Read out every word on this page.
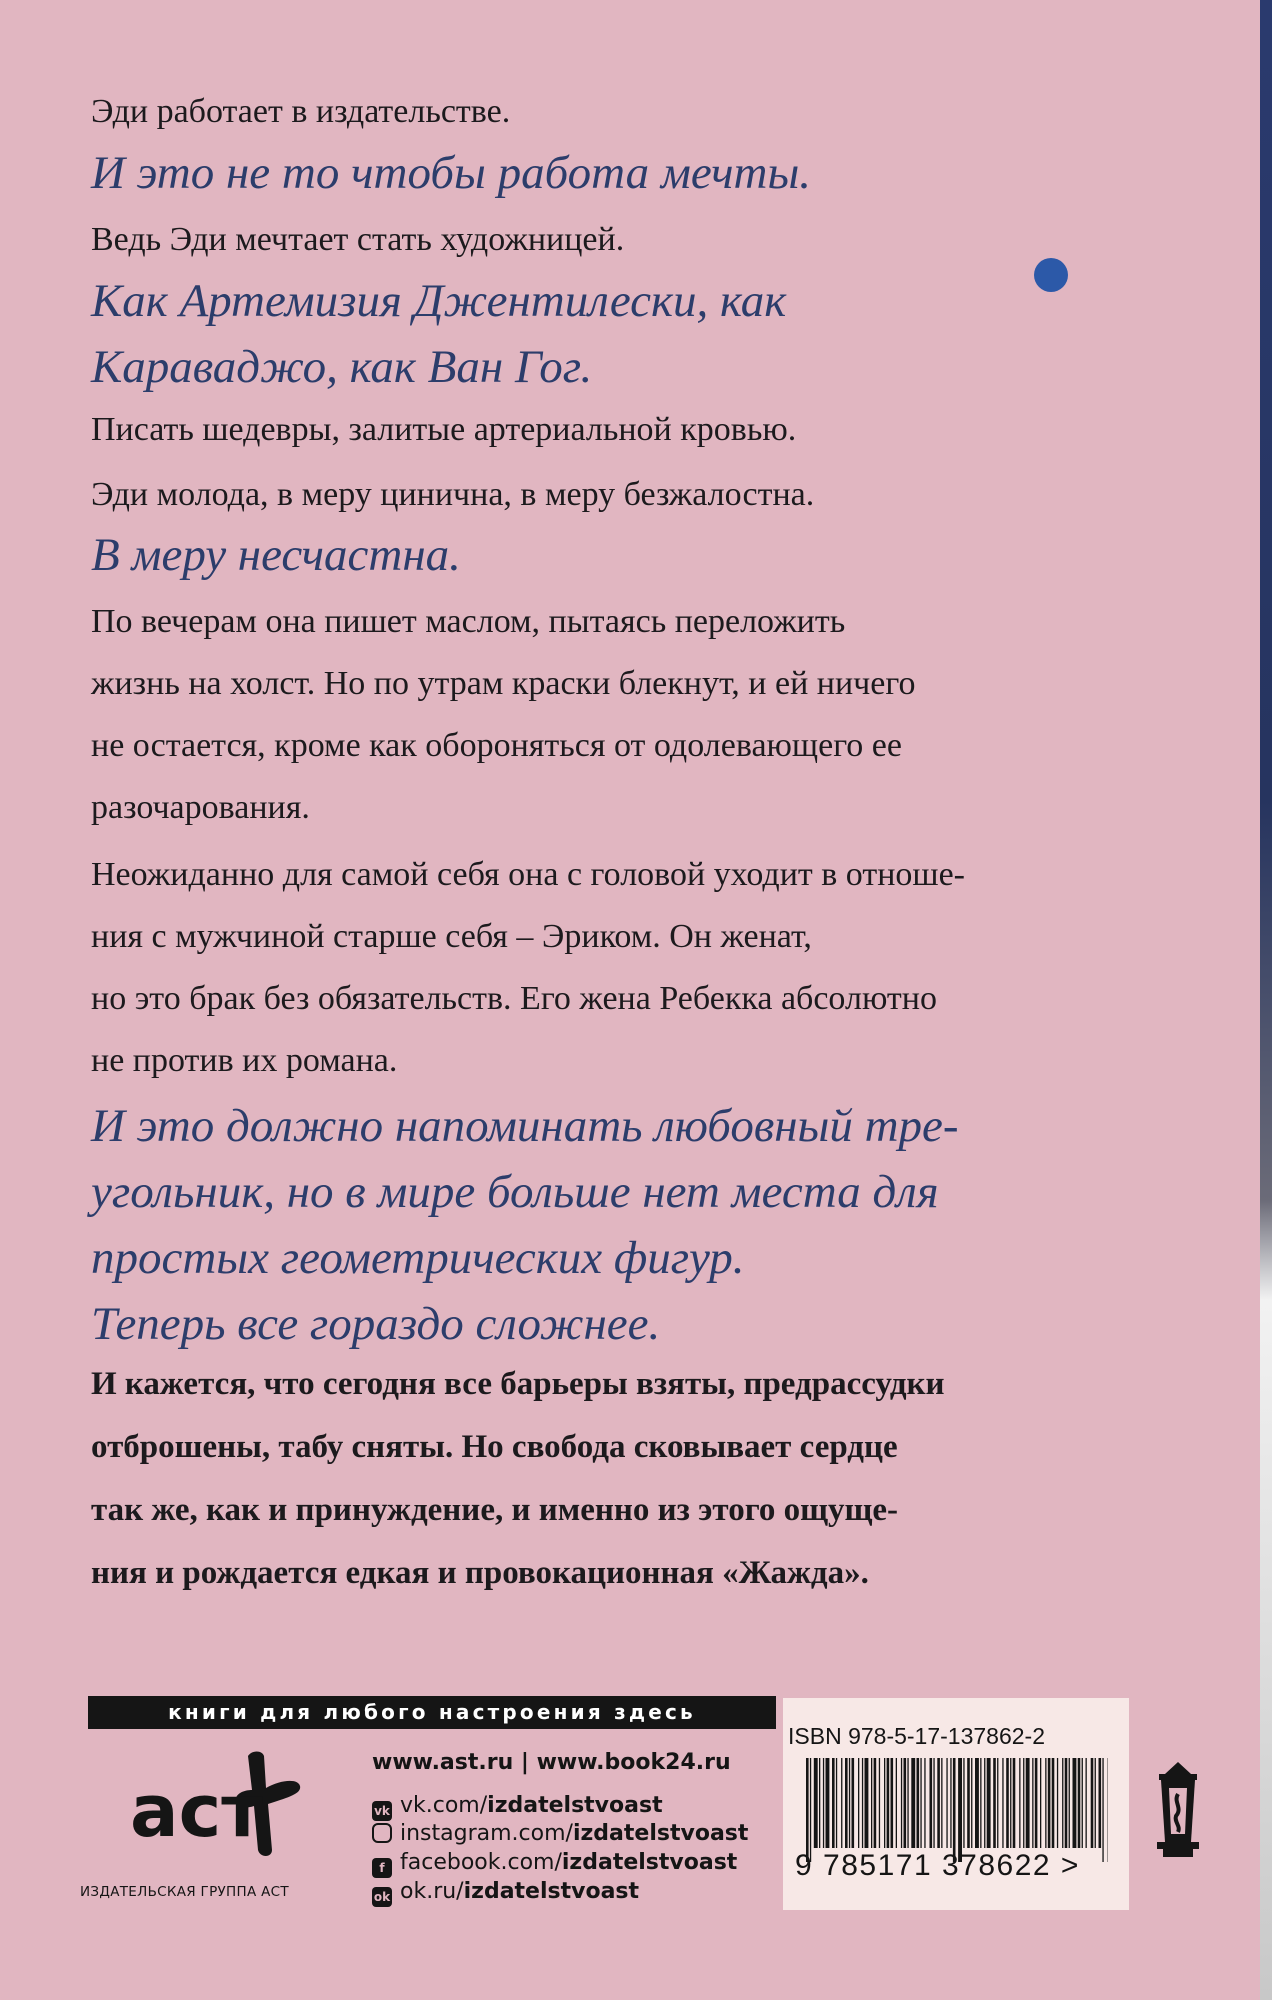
Эди работает в издательстве.

И это не то чтобы работа мечты.

Ведь Эди мечтает стать художницей.

Как Артемизия Джентилески, как
Караваджо, как Ван Гог.

Писать шедевры, залитые артериальной кровью.

Эди молода, в меру цинична, в меру безжалостна.

В меру несчастна.

По вечерам она пишет маслом, пытаясь переложить
жизнь на холст. Но по утрам краски блекнут, и ей ничего
не остается, кроме как обороняться от одолевающего ее
разочарования.
Неожиданно для самой себя она с головой уходит в отноше-
ния с мужчиной старше себя – Эриком. Он женат,
но это брак без обязательств. Его жена Ребекка абсолютно
не против их романа.
И это должно напоминать любовный тре-
угольник, но в мире больше нет места для
простых геометрических фигур.
Теперь все гораздо сложнее.
И кажется, что сегодня все барьеры взяты, предрассудки
отброшены, табу сняты. Но свобода сковывает сердце
так же, как и принуждение, и именно из этого ощуще-
ния и рождается едкая и провокационная «Жажда».
книги для любого настроения здесь
аст
ИЗДАТЕЛЬСКАЯ ГРУППА АСТ
www.ast.ru | www.book24.ru
vk vk.com/izdatelstvoast
instagram.com/izdatelstvoast
f facebook.com/izdatelstvoast
ok ok.ru/izdatelstvoast
ISBN 978-5-17-137862-2
9 785171 378622 >
